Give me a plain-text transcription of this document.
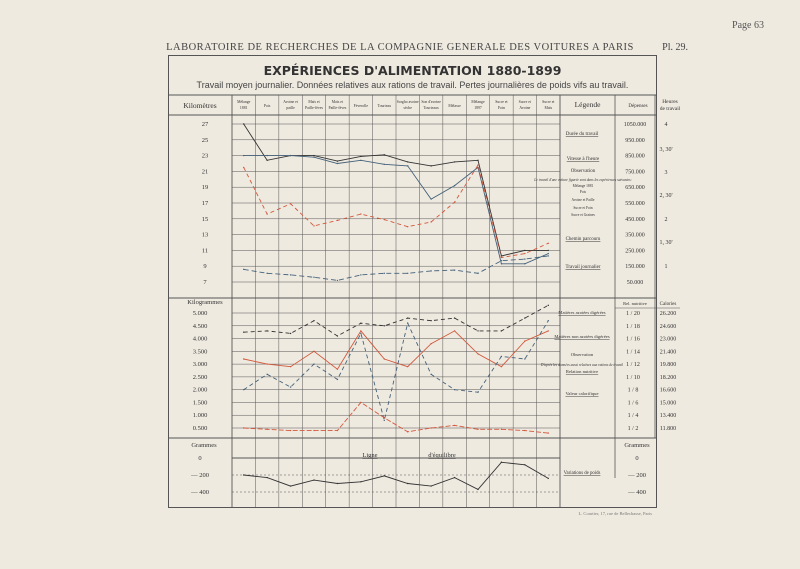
Page 63
LABORATOIRE DE RECHERCHES DE LA COMPAGNIE GENERALE DES VOITURES A PARIS	Pl. 29.
EXPÉRIENCES D'ALIMENTATION 1880-1899
Travail moyen journalier. Données relatives aux rations de travail. Pertes journalières de poids vifs au travail.
L. Courtier, 17, rue de Bellechasse, Paris
Kilomètres	Mélange
1881	Pois
Avoine et
paille
Maïs et
Paille-fèves
Maïs et
Paille-fèves Féverolle	Tourteau
Sorgho avoine
sèche
Son d'avoine
Tourteaux	Mélasse
Mélange
1897
Sucre et
Foin
Sucre et
Avoine
Sucre et
Maïs	Légende	Dépenses
Heures
de travail
27
25
23
21
19
17
15
13
11
9
7
1050.000
950.000
850.000
750.000
650.000
550.000
450.000
350.000
250.000
150.000
50.000
4
3, 30'
3
2, 30'
2
1, 30'
1
Durée du travail
Vitesse à l'heure
Observation
Le travail d'une voiture figurée sont dans les expériences suivantes:
Mélange 1881
Pois
Avoine et Paille
Sucre et Foin
Sucre et Graines
Chemin parcouru
Travail journalier
Kilogrammes
5.000
4.500
4.000
3.500
3.000
2.500
2.000
1.500
1.000
0.500
Rel. nutritive	Calories
1 / 20	26.200
1 / 18	24.600
1 / 16	23.000
1 / 14	21.400
1 / 12	19.800
1 / 10	18.200
1 / 8	16.600
1 / 6	15.000
1 / 4	13.400
1 / 2	11.800
Matières azotées digérées
Matières non azotées digérées
Observation
D'après les données aussi relatives aux rations de travail
Relation nutritive
Valeur calorifique
Grammes
0
— 200
— 400
Grammes
0
— 200
— 400
Ligne	d'équilibre
Variations de poids
